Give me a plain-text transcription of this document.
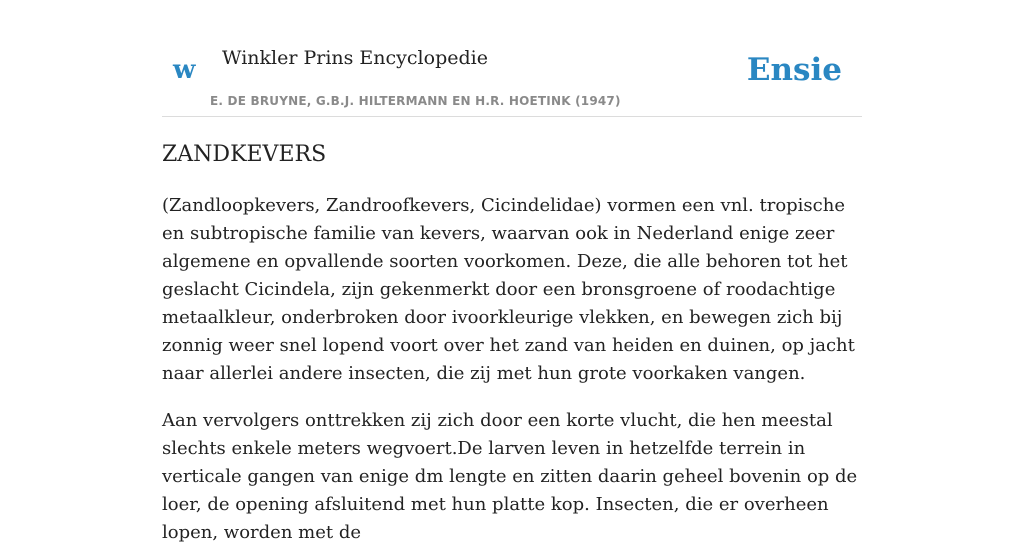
w Winkler Prins Encyclopedie
E. DE BRUYNE, G.B.J. HILTERMANN EN H.R. HOETINK (1947)
Ensie
ZANDKEVERS

(Zandloopkevers, Zandroofkevers, Cicindelidae) vormen een vnl. tropische en subtropische familie van kevers, waarvan ook in Nederland enige zeer algemene en opvallende soorten voorkomen. Deze, die alle behoren tot het geslacht Cicindela, zijn gekenmerkt door een bronsgroene of roodachtige metaalkleur, onderbroken door ivoorkleurige vlekken, en bewegen zich bij zonnig weer snel lopend voort over het zand van heiden en duinen, op jacht naar allerlei andere insecten, die zij met hun grote voorkaken vangen.

Aan vervolgers onttrekken zij zich door een korte vlucht, die hen meestal slechts enkele meters wegvoert.De larven leven in hetzelfde terrein in verticale gangen van enige dm lengte en zitten daarin geheel bovenin op de loer, de opening afsluitend met hun platte kop. Insecten, die er overheen lopen, worden met de
